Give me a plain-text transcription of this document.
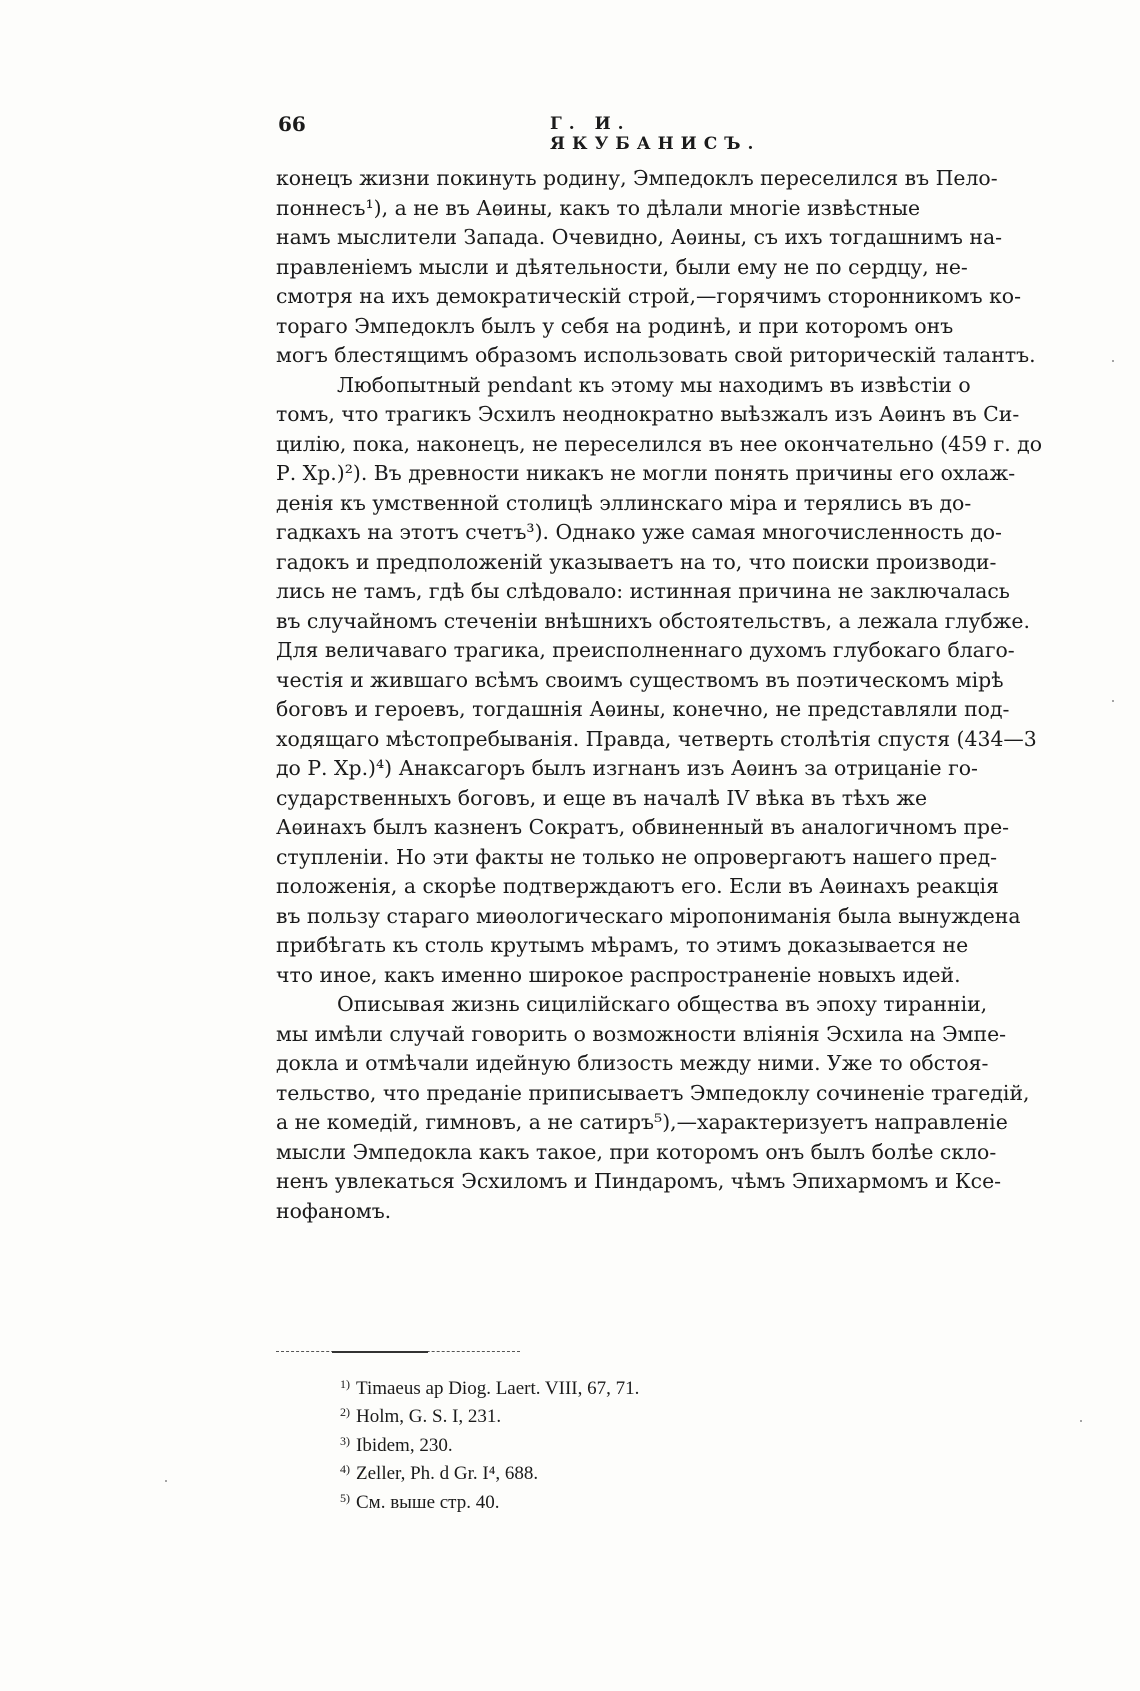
66	Г. И. ЯКУБАНИСЪ.
конецъ жизни покинуть родину, Эмпедоклъ переселился въ Пело-
поннесъ¹), а не въ Аѳины, какъ то дѣлали многіе извѣстные
намъ мыслители Запада. Очевидно, Аѳины, съ ихъ тогдашнимъ на-
правленіемъ мысли и дѣятельности, были ему не по сердцу, не-
смотря на ихъ демократическій строй,—горячимъ сторонникомъ ко-
тораго Эмпедоклъ былъ у себя на родинѣ, и при которомъ онъ
могъ блестящимъ образомъ использовать свой риторическій талантъ.
Любопытный pendant къ этому мы находимъ въ извѣстіи о
томъ, что трагикъ Эсхилъ неоднократно выѣзжалъ изъ Аѳинъ въ Си-
цилію, пока, наконецъ, не переселился въ нее окончательно (459 г. до
Р. Хр.)²). Въ древности никакъ не могли понять причины его охлаж-
денія къ умственной столицѣ эллинскаго міра и терялись въ до-
гадкахъ на этотъ счетъ³). Однако уже самая многочисленность до-
гадокъ и предположеній указываетъ на то, что поиски производи-
лись не тамъ, гдѣ бы слѣдовало: истинная причина не заключалась
въ случайномъ стеченіи внѣшнихъ обстоятельствъ, а лежала глубже.
Для величаваго трагика, преисполненнаго духомъ глубокаго благо-
честія и жившаго всѣмъ своимъ существомъ въ поэтическомъ мірѣ
боговъ и героевъ, тогдашнія Аѳины, конечно, не представляли под-
ходящаго мѣстопребыванія. Правда, четверть столѣтія спустя (434—3
до Р. Хр.)⁴) Анаксагоръ былъ изгнанъ изъ Аѳинъ за отрицаніе го-
сударственныхъ боговъ, и еще въ началѣ IV вѣка въ тѣхъ же
Аѳинахъ былъ казненъ Сократъ, обвиненный въ аналогичномъ пре-
ступленіи. Но эти факты не только не опровергаютъ нашего пред-
положенія, а скорѣе подтверждаютъ его. Если въ Аѳинахъ реакція
въ пользу стараго миѳологическаго міропониманія была вынуждена
прибѣгать къ столь крутымъ мѣрамъ, то этимъ доказывается не
что иное, какъ именно широкое распространеніе новыхъ идей.
Описывая жизнь сицилійскаго общества въ эпоху тиранніи,
мы имѣли случай говорить о возможности вліянія Эсхила на Эмпе-
докла и отмѣчали идейную близость между ними. Уже то обстоя-
тельство, что преданіе приписываетъ Эмпедоклу сочиненіе трагедій,
а не комедій, гимновъ, а не сатиръ⁵),—характеризуетъ направленіе
мысли Эмпедокла какъ такое, при которомъ онъ былъ болѣе скло-
ненъ увлекаться Эсхиломъ и Пиндаромъ, чѣмъ Эпихармомъ и Ксе-
нофаномъ.
$^{1)}$ Timaeus ap Diog. Laert. VIII, 67, 71.
$^{2)}$ Holm, G. S. I, 231.
$^{3)}$ Ibidem, 230.
$^{4)}$ Zeller, Ph. d Gr. I⁴, 688.
$^{5)}$ См. выше стр. 40.
